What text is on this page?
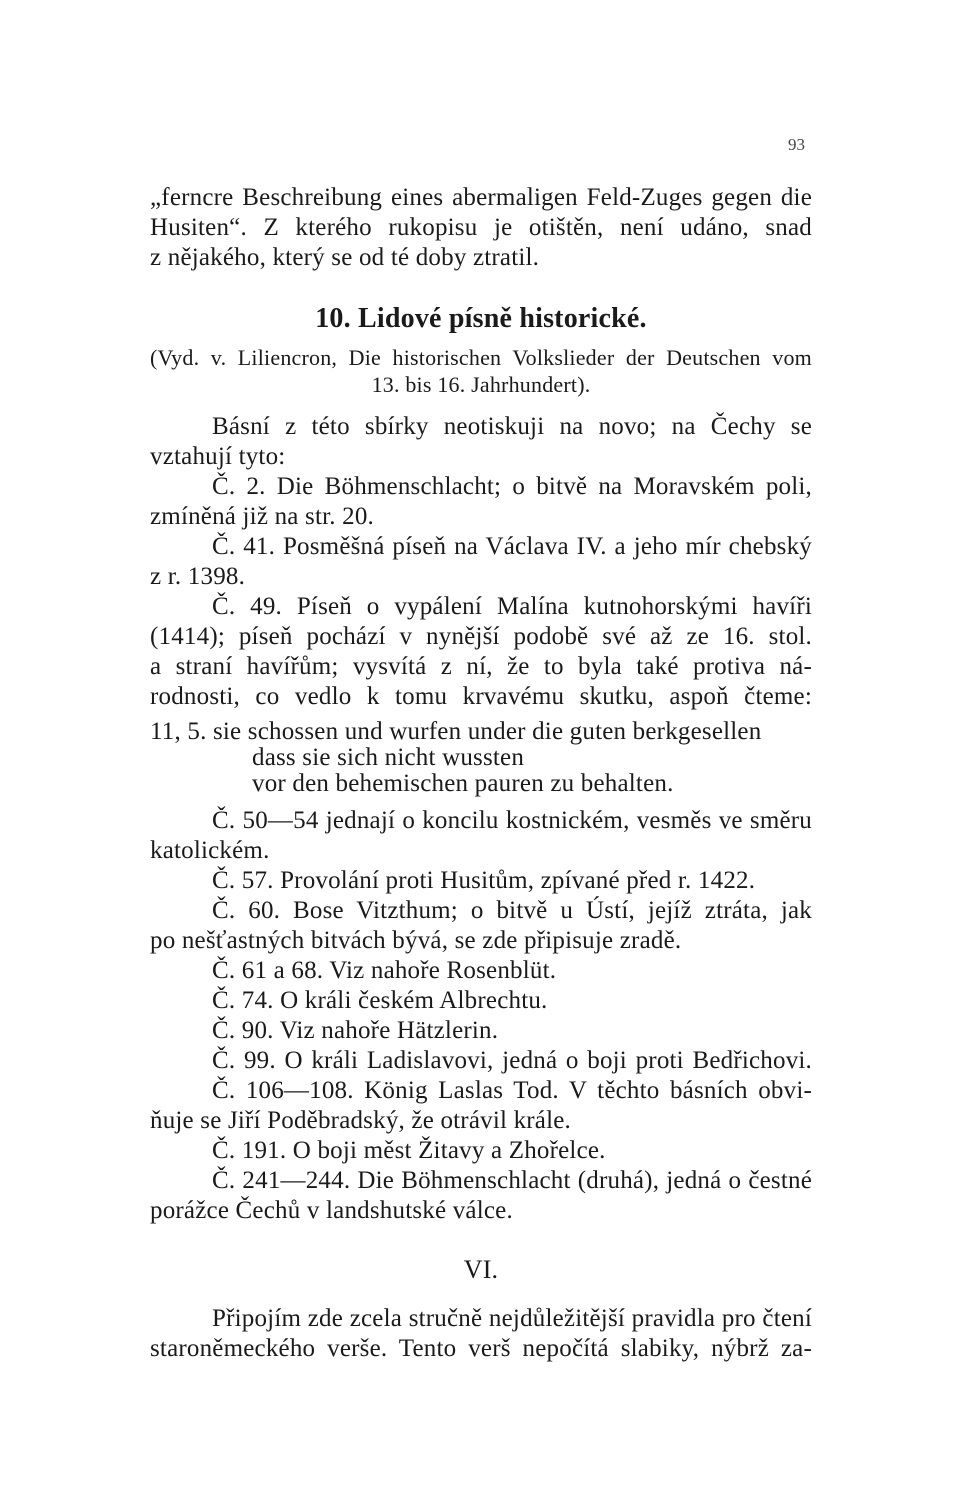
93
„ferncre Beschreibung eines abermaligen Feld-Zuges gegen die
Husiten“. Z kterého rukopisu je otištěn, není udáno, snad
z nějakého, který se od té doby ztratil.
10. Lidové písně historické.
(Vyd. v. Liliencron, Die historischen Volkslieder der Deutschen vom
13. bis 16. Jahrhundert).
Básní z této sbírky neotiskuji na novo; na Čechy se
vztahují tyto:
Č. 2. Die Böhmenschlacht; o bitvě na Moravském poli,
zmíněná již na str. 20.
Č. 41. Posměšná píseň na Václava IV. a jeho mír chebský
z r. 1398.
Č. 49. Píseň o vypálení Malína kutnohorskými havíři
(1414); píseň pochází v nynější podobě své až ze 16. stol.
a straní havířům; vysvítá z ní, že to byla také protiva ná-
rodnosti, co vedlo k tomu krvavému skutku, aspoň čteme:
11, 5. sie schossen und wurfen under die guten berkgesellen
dass sie sich nicht wussten
vor den behemischen pauren zu behalten.
Č. 50—54 jednají o koncilu kostnickém, vesměs ve směru
katolickém.
Č. 57. Provolání proti Husitům, zpívané před r. 1422.
Č. 60. Bose Vitzthum; o bitvě u Ústí, jejíž ztráta, jak
po nešťastných bitvách bývá, se zde připisuje zradě.
Č. 61 a 68. Viz nahoře Rosenblüt.
Č. 74. O králi českém Albrechtu.
Č. 90. Viz nahoře Hätzlerin.
Č. 99. O králi Ladislavovi, jedná o boji proti Bedřichovi.
Č. 106—108. König Laslas Tod. V těchto básních obvi-
ňuje se Jiří Poděbradský, že otrávil krále.
Č. 191. O boji měst Žitavy a Zhořelce.
Č. 241—244. Die Böhmenschlacht (druhá), jedná o čestné
porážce Čechů v landshutské válce.
VI.
Připojím zde zcela stručně nejdůležitější pravidla pro čtení
staroněmeckého verše. Tento verš nepočítá slabiky, nýbrž za-
